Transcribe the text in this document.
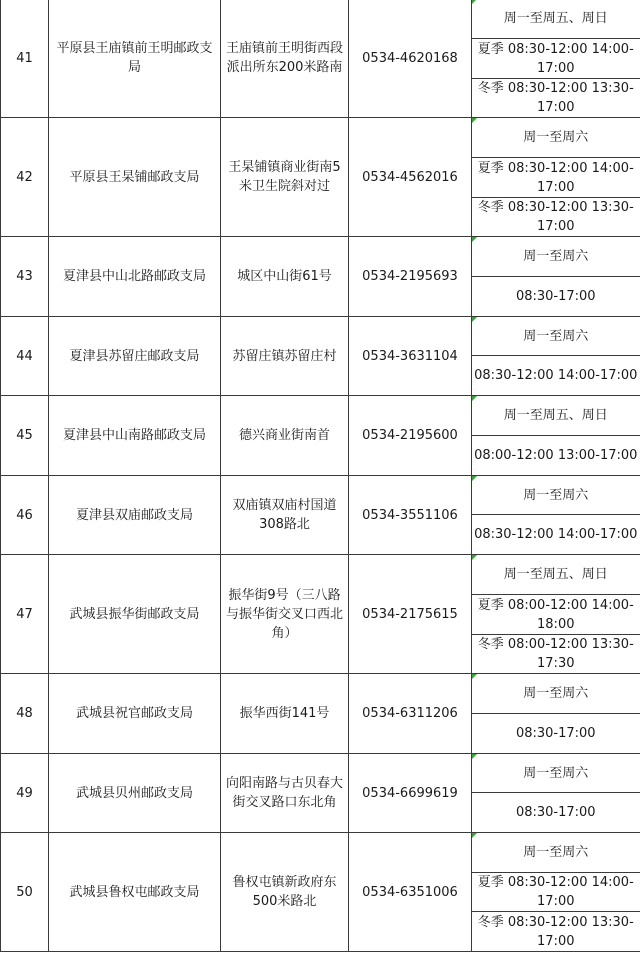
41	平原县王庙镇前王明邮政支局	王庙镇前王明街西段派出所东200米路南	0534-4620168	周一至周五、周日
				夏季 08:30-12:00 14:00-17:00
				冬季 08:30-12:00 13:30-17:00
42	平原县王杲铺邮政支局	王杲铺镇商业街南5米卫生院斜对过	0534-4562016	周一至周六
				夏季 08:30-12:00 14:00-17:00
				冬季 08:30-12:00 13:30-17:00
43	夏津县中山北路邮政支局	城区中山街61号	0534-2195693	周一至周六
				08:30-17:00
44	夏津县苏留庄邮政支局	苏留庄镇苏留庄村	0534-3631104	周一至周六
				08:30-12:00 14:00-17:00
45	夏津县中山南路邮政支局	德兴商业街南首	0534-2195600	周一至周五、周日
				08:00-12:00 13:00-17:00
46	夏津县双庙邮政支局	双庙镇双庙村国道308路北	0534-3551106	周一至周六
				08:30-12:00 14:00-17:00
47	武城县振华街邮政支局	振华街9号（三八路与振华街交叉口西北角）	0534-2175615	周一至周五、周日
				夏季 08:00-12:00 14:00-18:00
				冬季 08:00-12:00 13:30-17:30
48	武城县祝官邮政支局	振华西街141号	0534-6311206	周一至周六
				08:30-17:00
49	武城县贝州邮政支局	向阳南路与古贝春大街交叉路口东北角	0534-6699619	周一至周六
				08:30-17:00
50	武城县鲁权屯邮政支局	鲁权屯镇新政府东500米路北	0534-6351006	周一至周六
				夏季 08:30-12:00 14:00-17:00
				冬季 08:30-12:00 13:30-17:00
